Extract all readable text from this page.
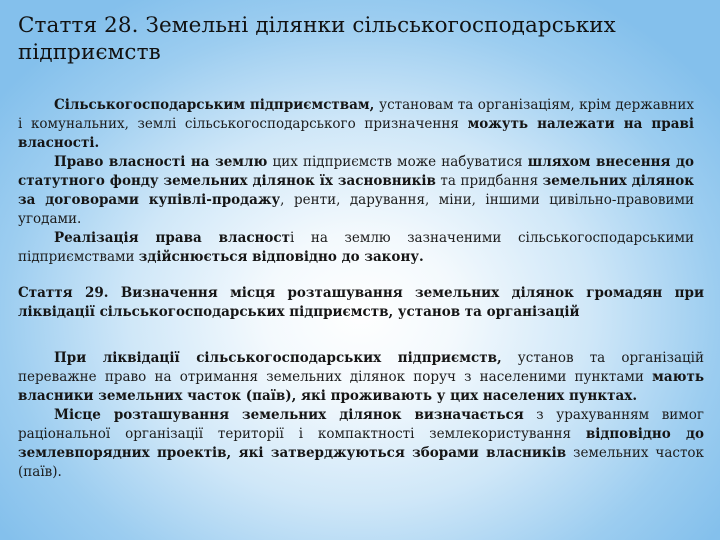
Стаття 28. Земельні ділянки сільськогосподарських підприємств

Сільськогосподарським підприємствам, установам та організаціям, крім державних і комунальних, землі сільськогосподарського призначення можуть належати на праві власності.

Право власності на землю цих підприємств може набуватися шляхом внесення до статутного фонду земельних ділянок їх засновників та придбання земельних ділянок за договорами купівлі-продажу, ренти, дарування, міни, іншими цивільно-правовими угодами.

Реалізація права власності на землю зазначеними сільськогосподарськими підприємствами здійснюється відповідно до закону.

Стаття 29. Визначення місця розташування земельних ділянок громадян при ліквідації сільськогосподарських підприємств, установ та організацій

При ліквідації сільськогосподарських підприємств, установ та організацій переважне право на отримання земельних ділянок поруч з населеними пунктами мають власники земельних часток (паїв), які проживають у цих населених пунктах.

Місце розташування земельних ділянок визначається з урахуванням вимог раціональної організації території і компактності землекористування відповідно до землевпорядних проектів, які затверджуються зборами власників земельних часток (паїв).
